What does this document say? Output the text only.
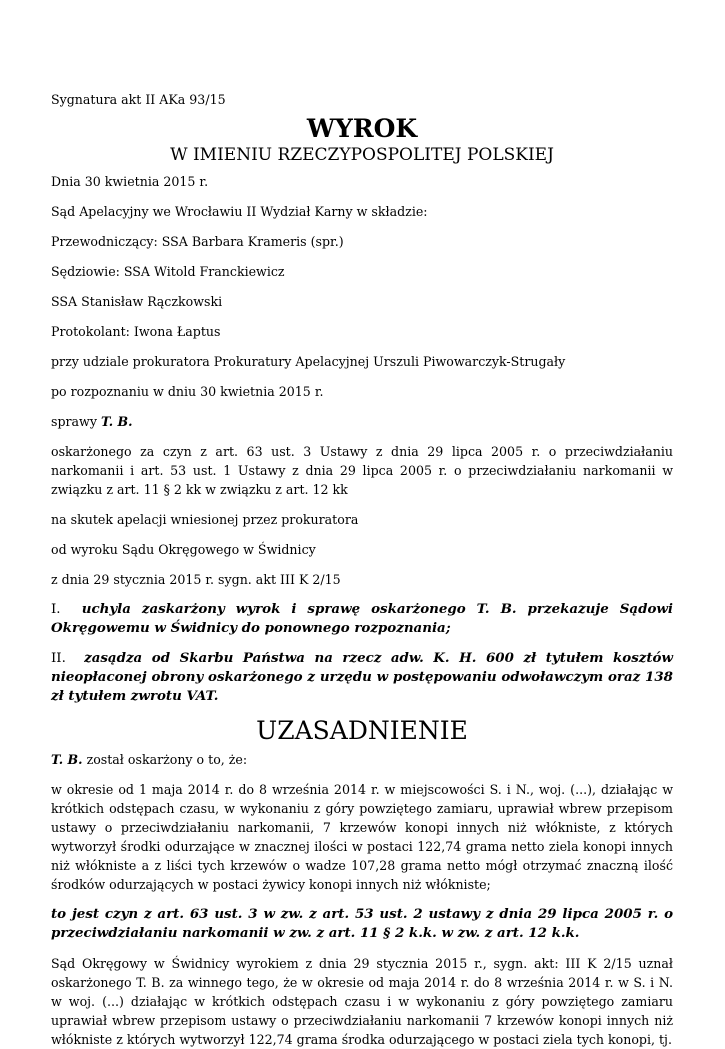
Sygnatura akt II AKa 93/15

WYROK
W IMIENIU RZECZYPOSPOLITEJ POLSKIEJ

Dnia 30 kwietnia 2015 r.

Sąd Apelacyjny we Wrocławiu II Wydział Karny w składzie:

Przewodniczący: SSA Barbara Krameris (spr.)

Sędziowie: SSA Witold Franckiewicz

SSA Stanisław Rączkowski

Protokolant: Iwona Łaptus

przy udziale prokuratora Prokuratury Apelacyjnej Urszuli Piwowarczyk-Strugały

po rozpoznaniu w dniu 30 kwietnia 2015 r.

sprawy T. B.

oskarżonego za czyn z art. 63 ust. 3 Ustawy z dnia 29 lipca 2005 r. o przeciwdziałaniu narkomanii i art. 53 ust. 1 Ustawy z dnia 29 lipca 2005 r. o przeciwdziałaniu narkomanii w związku z art. 11 § 2 kk w związku z art. 12 kk

na skutek apelacji wniesionej przez prokuratora

od wyroku Sądu Okręgowego w Świdnicy

z dnia 29 stycznia 2015 r. sygn. akt III K 2/15

I. uchyla zaskarżony wyrok i sprawę oskarżonego T. B. przekazuje Sądowi Okręgowemu w Świdnicy do ponownego rozpoznania;

II. zasądza od Skarbu Państwa na rzecz adw. K. H. 600 zł tytułem kosztów nieopłaconej obrony oskarżonego z urzędu w postępowaniu odwoławczym oraz 138 zł tytułem zwrotu VAT.

UZASADNIENIE

T. B. został oskarżony o to, że:

w okresie od 1 maja 2014 r. do 8 września 2014 r. w miejscowości S. i N., woj. (...), działając w krótkich odstępach czasu, w wykonaniu z góry powziętego zamiaru, uprawiał wbrew przepisom ustawy o przeciwdziałaniu narkomanii, 7 krzewów konopi innych niż włókniste, z których wytworzył środki odurzające w znacznej ilości w postaci 122,74 grama netto ziela konopi innych niż włókniste a z liści tych krzewów o wadze 107,28 grama netto mógł otrzymać znaczną ilość środków odurzających w postaci żywicy konopi innych niż włókniste;

to jest czyn z art. 63 ust. 3 w zw. z art. 53 ust. 2 ustawy z dnia 29 lipca 2005 r. o przeciwdziałaniu narkomanii w zw. z art. 11 § 2 k.k. w zw. z art. 12 k.k.

Sąd Okręgowy w Świdnicy wyrokiem z dnia 29 stycznia 2015 r., sygn. akt: III K 2/15 uznał oskarżonego T. B. za winnego tego, że w okresie od maja 2014 r. do 8 września 2014 r. w S. i N. w woj. (...) działając w krótkich odstępach czasu i w wykonaniu z góry powziętego zamiaru uprawiał wbrew przepisom ustawy o przeciwdziałaniu narkomanii 7 krzewów konopi innych niż włókniste z których wytworzył 122,74 grama środka odurzającego w postaci ziela tych konopi, tj.
